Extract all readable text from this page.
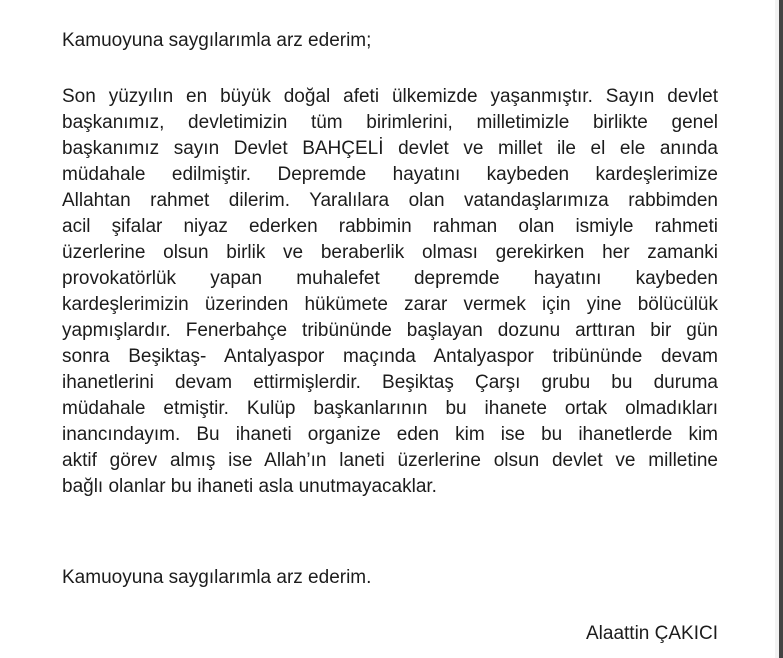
Kamuoyuna saygılarımla arz ederim;
Son yüzyılın en büyük doğal afeti ülkemizde yaşanmıştır. Sayın devlet
başkanımız, devletimizin tüm birimlerini, milletimizle birlikte genel
başkanımız sayın Devlet BAHÇELİ devlet ve millet ile el ele anında
müdahale edilmiştir. Depremde hayatını kaybeden kardeşlerimize
Allahtan rahmet dilerim. Yaralılara olan vatandaşlarımıza rabbimden
acil şifalar niyaz ederken rabbimin rahman olan ismiyle rahmeti
üzerlerine olsun birlik ve beraberlik olması gerekirken her zamanki
provokatörlük yapan muhalefet depremde hayatını kaybeden
kardeşlerimizin üzerinden hükümete zarar vermek için yine bölücülük
yapmışlardır. Fenerbahçe tribününde başlayan dozunu arttıran bir gün
sonra Beşiktaş- Antalyaspor maçında Antalyaspor tribününde devam
ihanetlerini devam ettirmişlerdir. Beşiktaş Çarşı grubu bu duruma
müdahale etmiştir. Kulüp başkanlarının bu ihanete ortak olmadıkları
inancındayım. Bu ihaneti organize eden kim ise bu ihanetlerde kim
aktif görev almış ise Allah’ın laneti üzerlerine olsun devlet ve milletine
bağlı olanlar bu ihaneti asla unutmayacaklar.
Kamuoyuna saygılarımla arz ederim.
Alaattin ÇAKICI
